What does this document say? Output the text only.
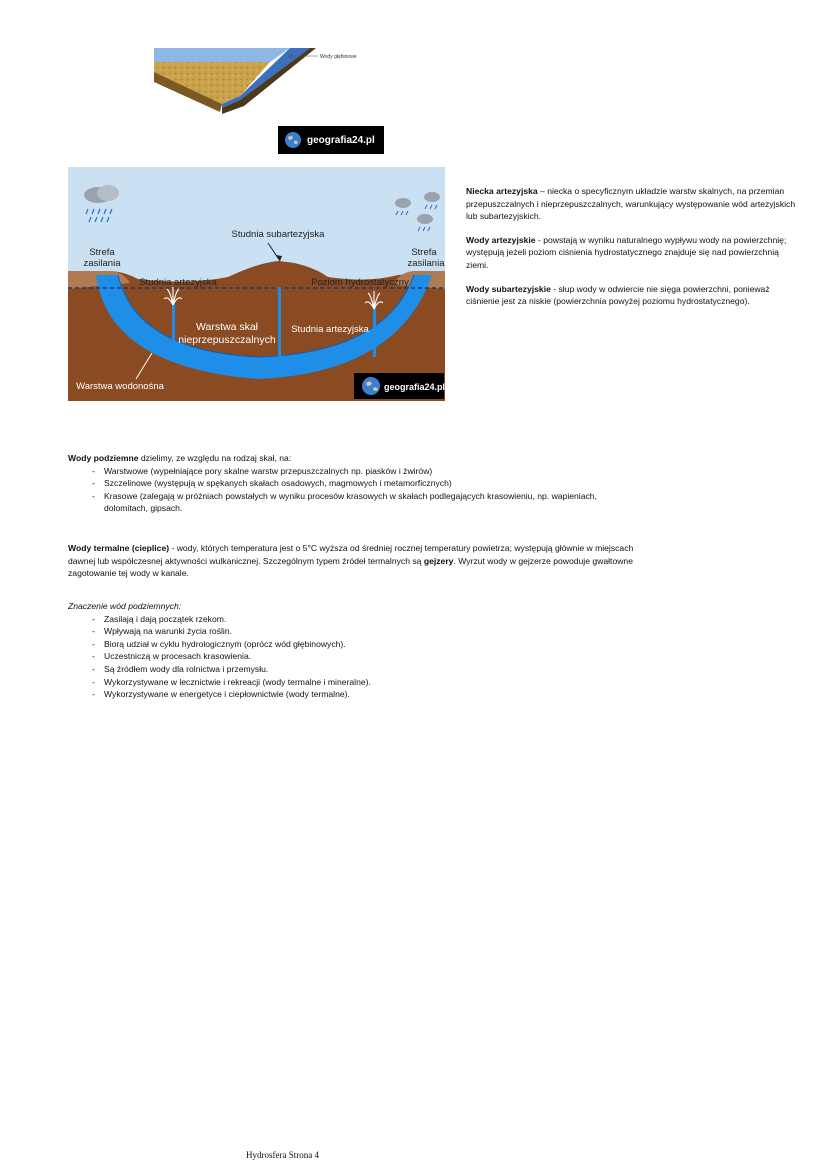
Wody głębinowe
geografia24.pl
Strefa
zasilania
Strefa
zasilania
Studnia subartezyjska
Studnia artezyjska	Poziom hydrostatyczny
Warstwa skał
nieprzepuszczalnych
Studnia artezyjska
Warstwa wodonośna	geografia24.pl

Niecka artezyjska – niecka o specyficznym układzie warstw skalnych, na przemian przepuszczalnych i nieprzepuszczalnych, warunkujący występowanie wód artezyjskich lub subartezyjskich.

Wody artezyjskie - powstają w wyniku naturalnego wypływu wody na powierzchnię; występują jeżeli poziom ciśnienia hydrostatycznego znajduje się nad powierzchnią ziemi.

Wody subartezyjskie - słup wody w odwiercie nie sięga powierzchni, ponieważ ciśnienie jest za niskie (powierzchnia powyżej poziomu hydrostatycznego).

Wody podziemne dzielimy, ze względu na rodzaj skał, na:
- Warstwowe (wypełniające pory skalne warstw przepuszczalnych np. piasków i żwirów)
- Szczelinowe (występują w spękanych skałach osadowych, magmowych i metamorficznych)
- Krasowe (zalegają w próżniach powstałych w wyniku procesów krasowych w skałach podlegających krasowieniu, np. wapieniach, dolomitach, gipsach.
Wody termalne (cieplice) - wody, których temperatura jest o 5°C wyższa od średniej rocznej temperatury powietrza; występują głównie w miejscach dawnej lub współczesnej aktywności wulkanicznej. Szczególnym typem źródeł termalnych są gejzery. Wyrzut wody w gejzerze powoduje gwałtowne zagotowanie tej wody w kanale.
Znaczenie wód podziemnych:
- Zasilają i dają początek rzekom.
- Wpływają na warunki życia roślin.
- Biorą udział w cyklu hydrologicznym (oprócz wód głębinowych).
- Uczestniczą w procesach krasowienia.
- Są źródłem wody dla rolnictwa i przemysłu.
- Wykorzystywane w lecznictwie i rekreacji (wody termalne i mineralne).
- Wykorzystywane w energetyce i ciepłownictwie (wody termalne).
Hydrosfera Strona 4
